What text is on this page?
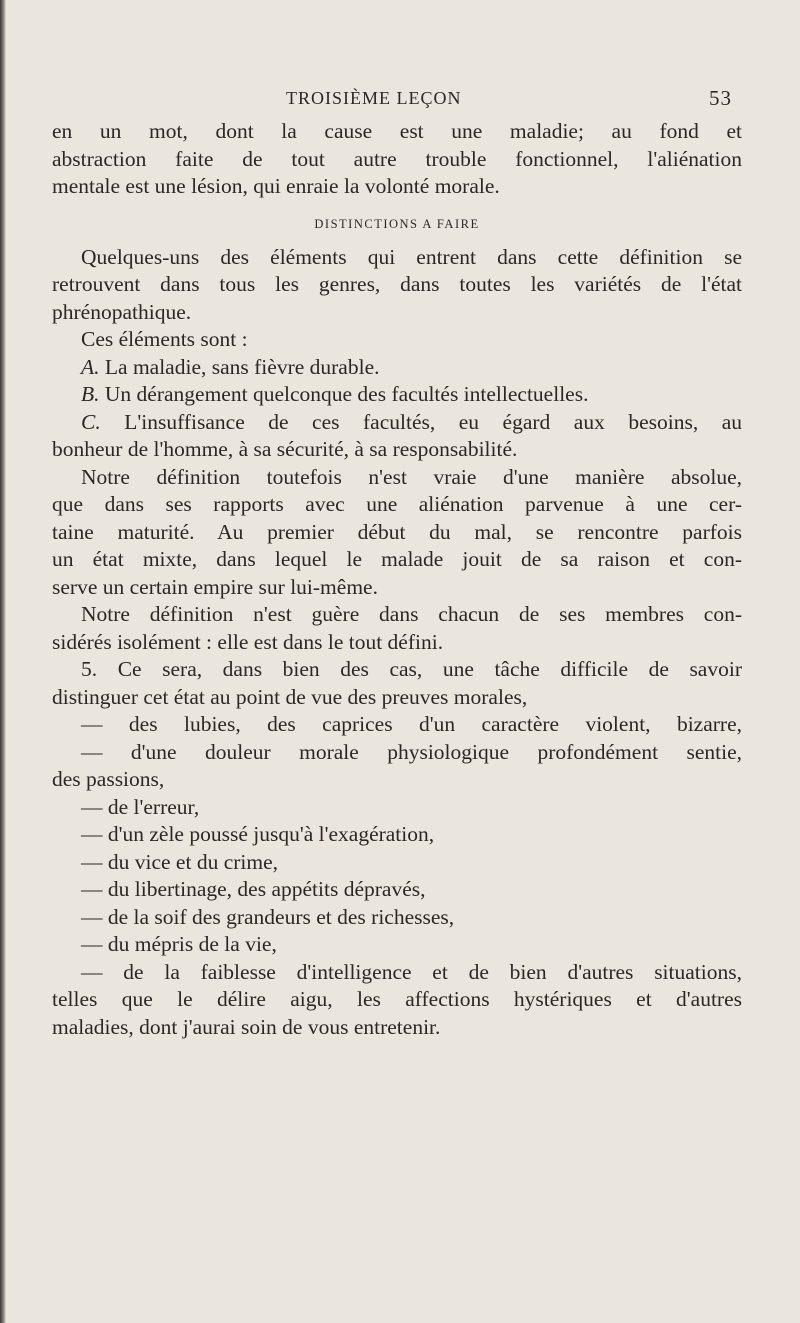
TROISIÈME LEÇON	53
en un mot, dont la cause est une maladie; au fond et
abstraction faite de tout autre trouble fonctionnel, l'aliénation
mentale est une lésion, qui enraie la volonté morale.
DISTINCTIONS A FAIRE
Quelques-uns des éléments qui entrent dans cette définition se
retrouvent dans tous les genres, dans toutes les variétés de l'état
phrénopathique.
Ces éléments sont :
A. La maladie, sans fièvre durable.
B. Un dérangement quelconque des facultés intellectuelles.
C. L'insuffisance de ces facultés, eu égard aux besoins, au
bonheur de l'homme, à sa sécurité, à sa responsabilité.
Notre définition toutefois n'est vraie d'une manière absolue,
que dans ses rapports avec une aliénation parvenue à une cer-
taine maturité. Au premier début du mal, se rencontre parfois
un état mixte, dans lequel le malade jouit de sa raison et con-
serve un certain empire sur lui-même.
Notre définition n'est guère dans chacun de ses membres con-
sidérés isolément : elle est dans le tout défini.
5. Ce sera, dans bien des cas, une tâche difficile de savoir
distinguer cet état au point de vue des preuves morales,
— des lubies, des caprices d'un caractère violent, bizarre,
— d'une douleur morale physiologique profondément sentie,
des passions,
— de l'erreur,
— d'un zèle poussé jusqu'à l'exagération,
— du vice et du crime,
— du libertinage, des appétits dépravés,
— de la soif des grandeurs et des richesses,
— du mépris de la vie,
— de la faiblesse d'intelligence et de bien d'autres situations,
telles que le délire aigu, les affections hystériques et d'autres
maladies, dont j'aurai soin de vous entretenir.
